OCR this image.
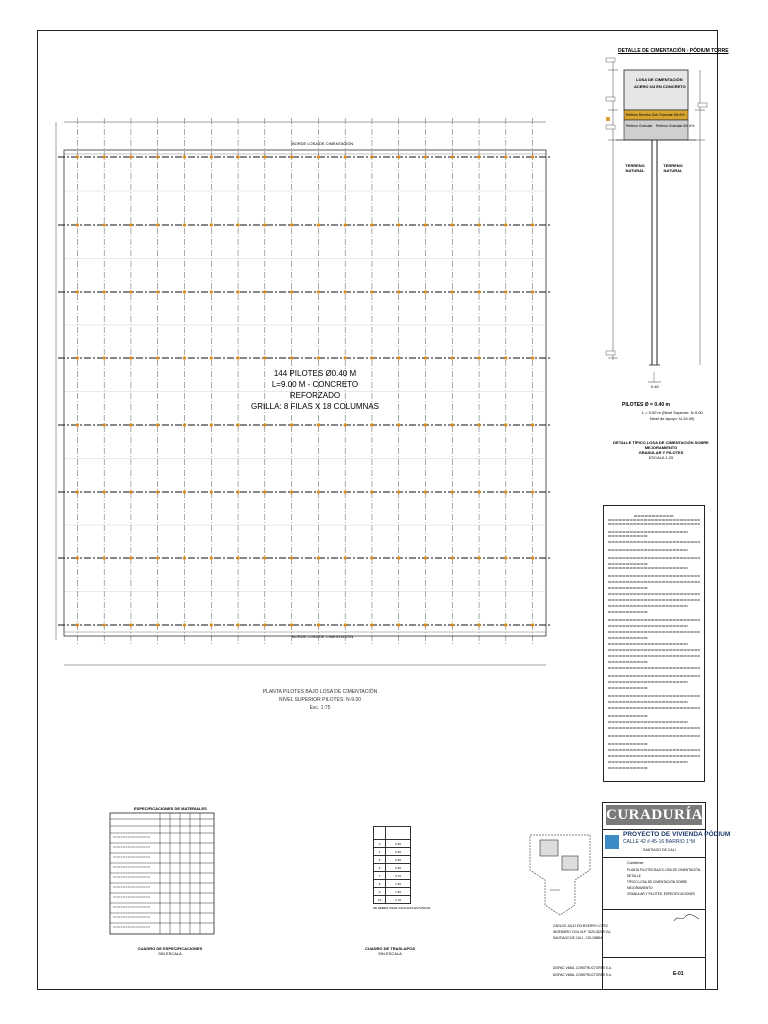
BORDE LOSA DE CIMENTACIÓN
BORDE LOSA DE CIMENTACIÓN
144 PILOTES Ø0.40 M
L=9.00 M - CONCRETO REFORZADO
GRILLA: 8 FILAS X 18 COLUMNAS
PLANTA PILOTES BAJO LOSA DE CIMENTACIÓN
NIVEL SUPERIOR PILOTES: N-9.00
Esc. 1:75
DETALLE DE CIMENTACIÓN - PÓDIUM TORRE
LOSA DE CIMENTACIÓN
ACERO 3/4 EN CONCRETO
Relleno Recebo Sub Granular 60t 6%
Relleno Granular Relleno Granular 60t 6%
TERRENO NATURAL
TERRENO NATURAL
0.40
PILOTES Ø = 0.40 m
L = 9.00 m (Nivel Superior: N-9.00
Nivel de Apoyo: N-15.00)
DETALLE TÍPICO LOSA DE CIMENTACIÓN SOBRE MEJORAMIENTO
GRANULAR Y PILOTES
ESCALA 1:25
ESPECIFICACIONES DE MATERIALES
CUADRO DE ESPECIFICACIONES
SIN ESCALA

3	0.30
4	0.40
5	0.50
6	0.60
7	0.70
8	1.20
9	1.40
10	1.70
SE DEBEN USAR GANCHOS ESTÁNDAR
CUADRO DE TRASLAPOS
SIN ESCALA
CURADURÍA
PROYECTO DE VIVIENDA PÓDIUM
CALLE 42 # 45-16 BARRIO 1°M
SANTIAGO DE CALI
Contiene:
PLANTA PILOTES BAJO LOSA DE CIMENTACIÓN, DETALLE
TÍPICO LOSA DE CIMENTACIÓN SOBRE MEJORAMIENTO
GRANULAR Y PILOTES, ESPECIFICACIONES
CARLOS JULIO ECHEVERRY LOPEZ
INGENIERO CIVIL M.P. 7620-26219 VLL
SANTIAGO DE CALI - COLOMBIA
DISPAC VIMAL CONSTRUCTORES S.A.
DISPAC VIMAL CONSTRUCTORES S.A.	E-01
